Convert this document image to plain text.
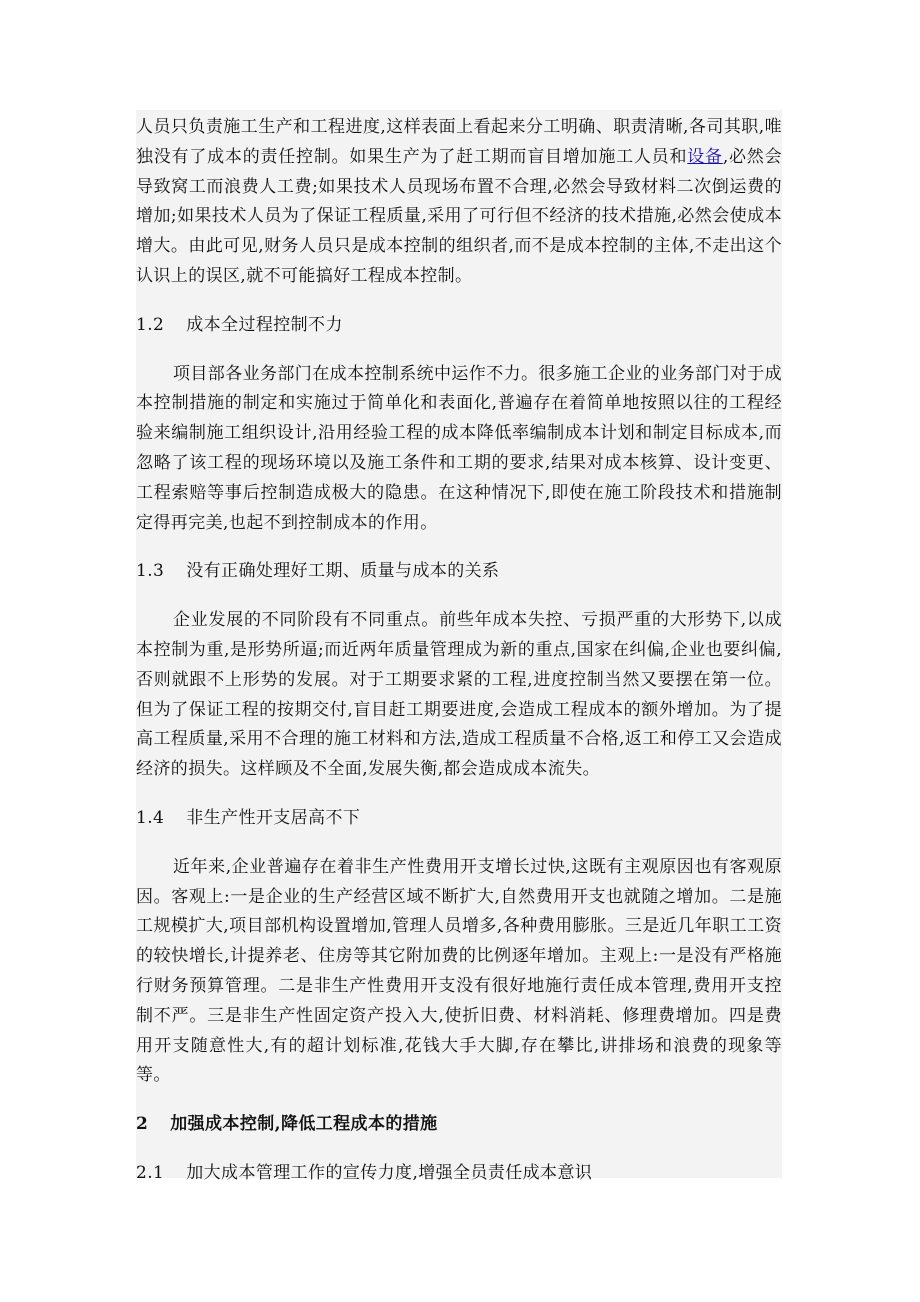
人员只负责施工生产和工程进度,这样表面上看起来分工明确、职责清晰,各司其职,唯独没有了成本的责任控制。如果生产为了赶工期而盲目增加施工人员和设备,必然会导致窝工而浪费人工费;如果技术人员现场布置不合理,必然会导致材料二次倒运费的增加;如果技术人员为了保证工程质量,采用了可行但不经济的技术措施,必然会使成本增大。由此可见,财务人员只是成本控制的组织者,而不是成本控制的主体,不走出这个认识上的误区,就不可能搞好工程成本控制。

1.2 成本全过程控制不力

项目部各业务部门在成本控制系统中运作不力。很多施工企业的业务部门对于成本控制措施的制定和实施过于简单化和表面化,普遍存在着简单地按照以往的工程经验来编制施工组织设计,沿用经验工程的成本降低率编制成本计划和制定目标成本,而忽略了该工程的现场环境以及施工条件和工期的要求,结果对成本核算、设计变更、工程索赔等事后控制造成极大的隐患。在这种情况下,即使在施工阶段技术和措施制定得再完美,也起不到控制成本的作用。

1.3 没有正确处理好工期、质量与成本的关系

企业发展的不同阶段有不同重点。前些年成本失控、亏损严重的大形势下,以成本控制为重,是形势所逼;而近两年质量管理成为新的重点,国家在纠偏,企业也要纠偏,否则就跟不上形势的发展。对于工期要求紧的工程,进度控制当然又要摆在第一位。但为了保证工程的按期交付,盲目赶工期要进度,会造成工程成本的额外增加。为了提高工程质量,采用不合理的施工材料和方法,造成工程质量不合格,返工和停工又会造成经济的损失。这样顾及不全面,发展失衡,都会造成成本流失。

1.4 非生产性开支居高不下

近年来,企业普遍存在着非生产性费用开支增长过快,这既有主观原因也有客观原因。客观上:一是企业的生产经营区域不断扩大,自然费用开支也就随之增加。二是施工规模扩大,项目部机构设置增加,管理人员增多,各种费用膨胀。三是近几年职工工资的较快增长,计提养老、住房等其它附加费的比例逐年增加。主观上:一是没有严格施行财务预算管理。二是非生产性费用开支没有很好地施行责任成本管理,费用开支控制不严。三是非生产性固定资产投入大,使折旧费、材料消耗、修理费增加。四是费用开支随意性大,有的超计划标准,花钱大手大脚,存在攀比,讲排场和浪费的现象等等。

2 加强成本控制,降低工程成本的措施

2.1 加大成本管理工作的宣传力度,增强全员责任成本意识
